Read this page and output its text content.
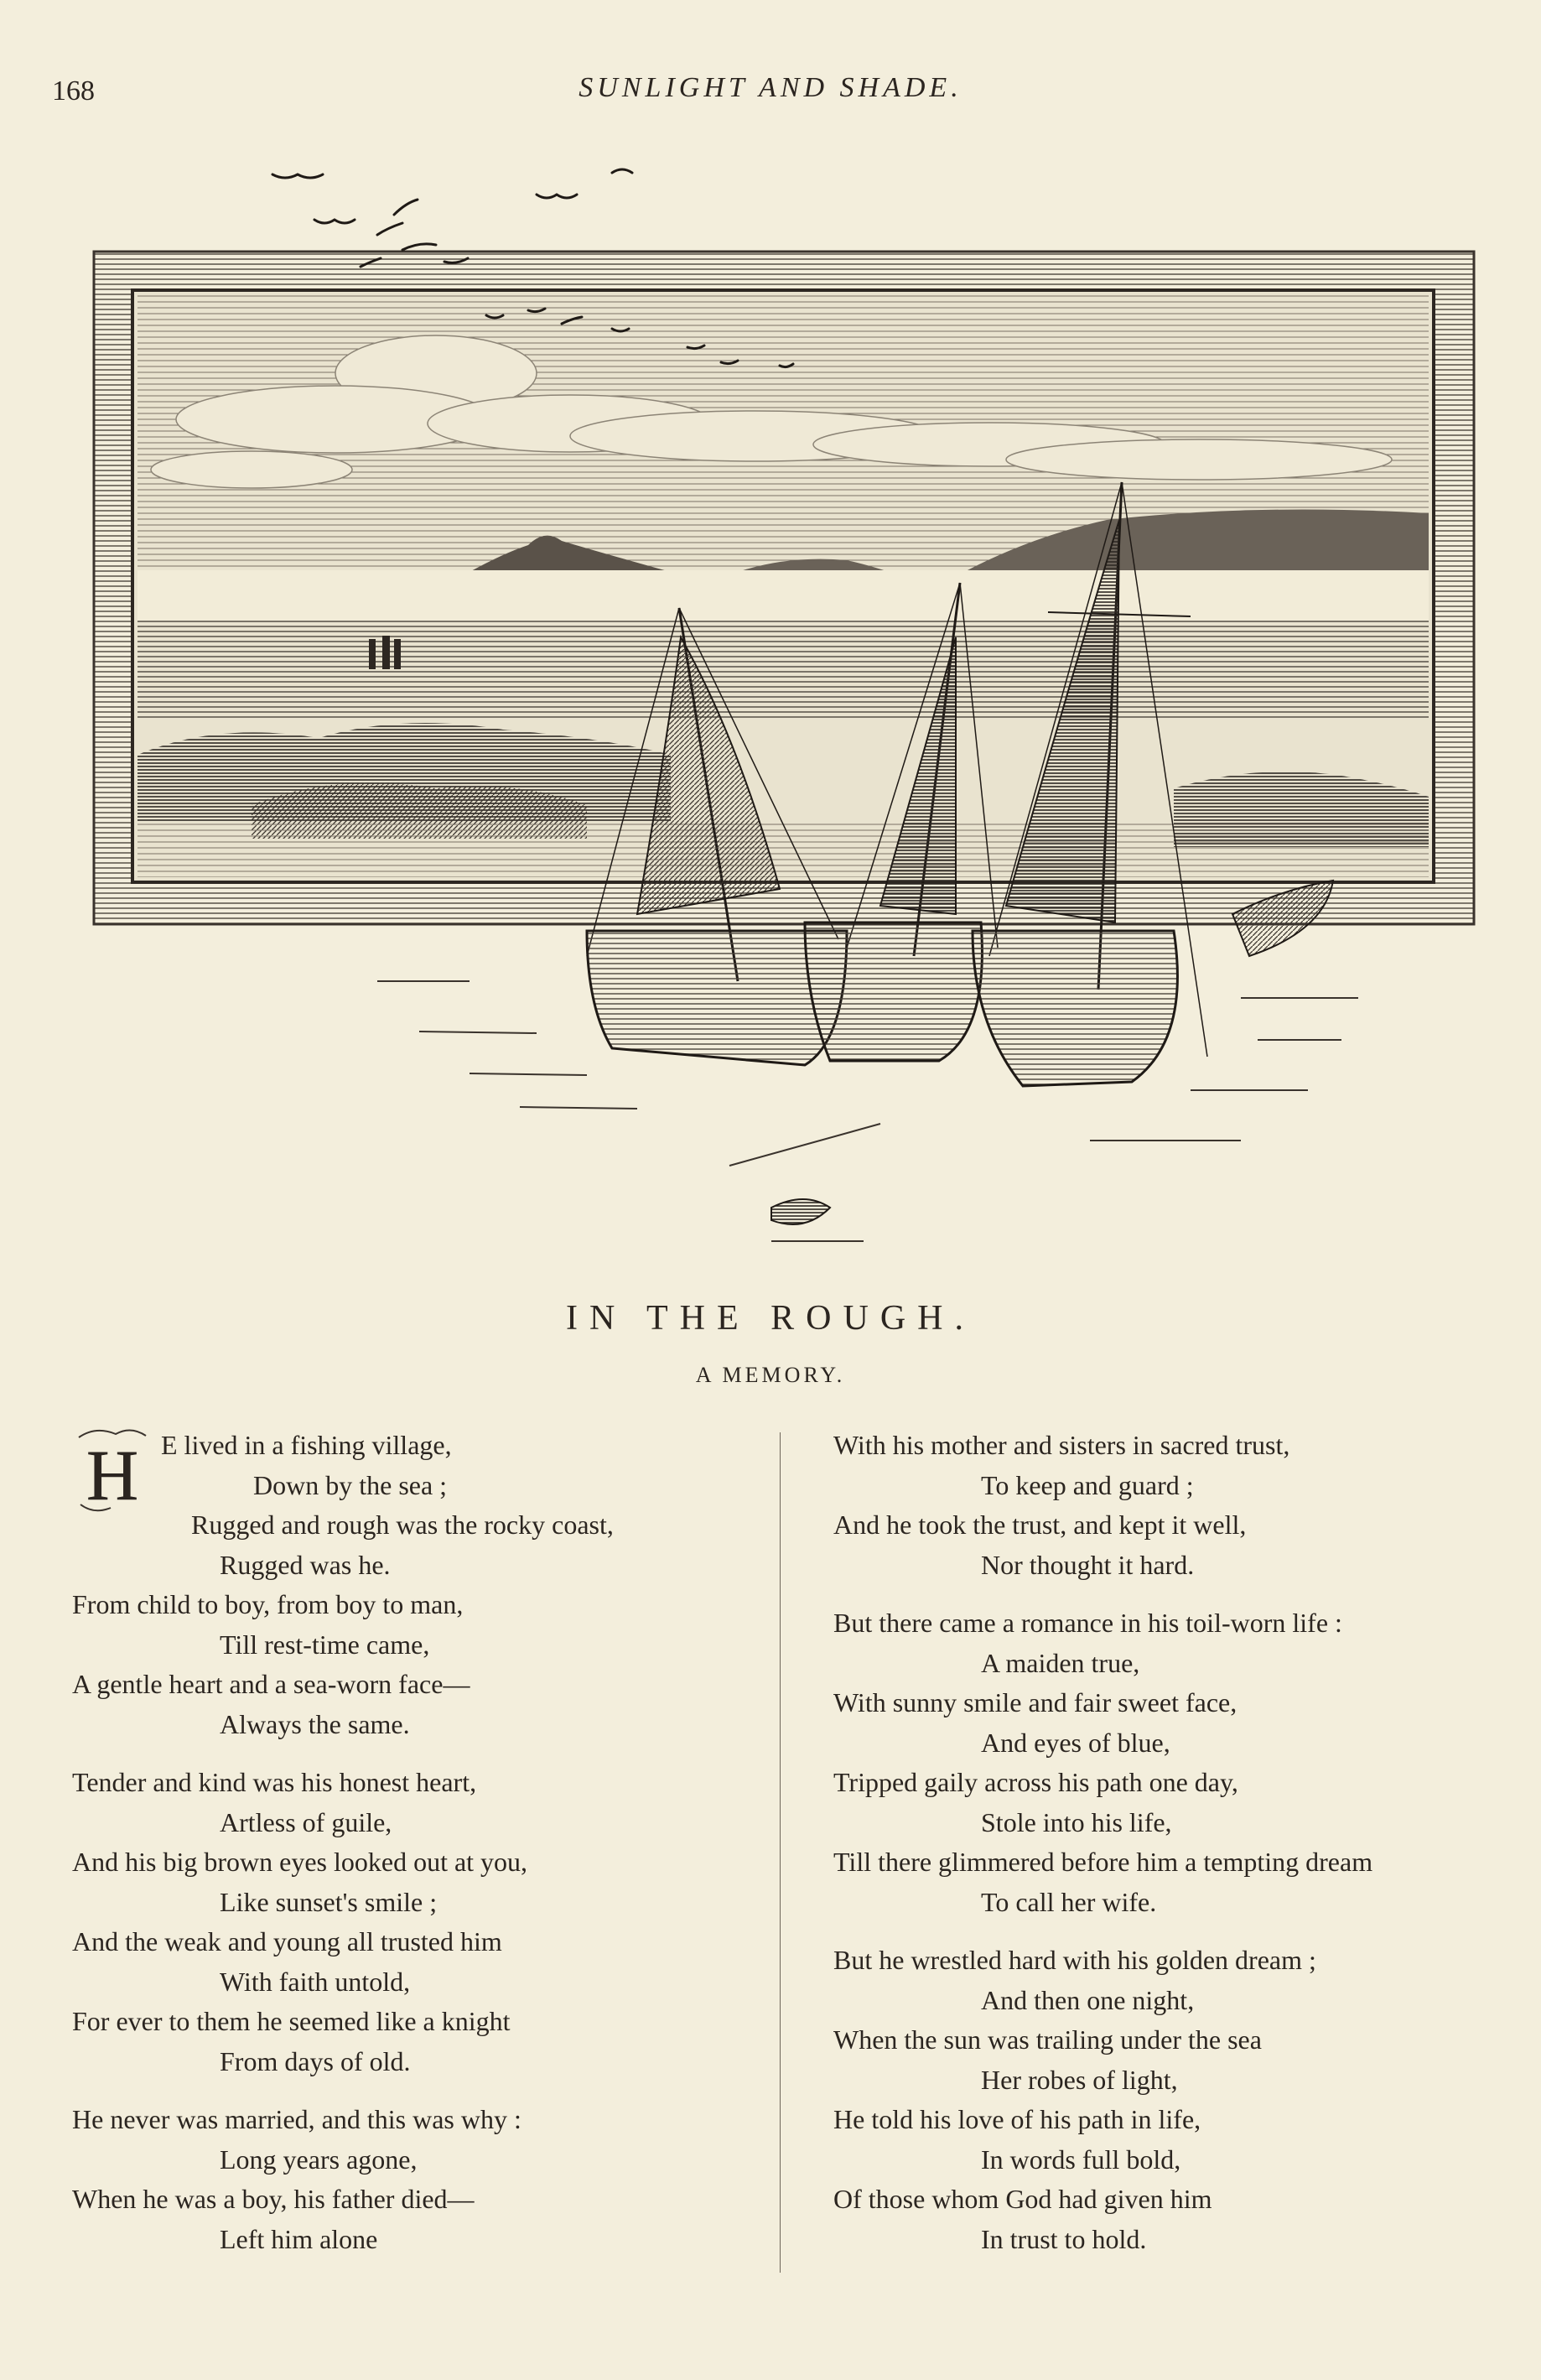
168	SUNLIGHT AND SHADE.
IN THE ROUGH.
A MEMORY.
H E lived in a fishing village,
Down by the sea ;
Rugged and rough was the rocky coast,
Rugged was he.
From child to boy, from boy to man,
Till rest-time came,
A gentle heart and a sea-worn face—
Always the same.
Tender and kind was his honest heart,
Artless of guile,
And his big brown eyes looked out at you,
Like sunset's smile ;
And the weak and young all trusted him
With faith untold,
For ever to them he seemed like a knight
From days of old.
He never was married, and this was why :
Long years agone,
When he was a boy, his father died—
Left him alone
With his mother and sisters in sacred trust,
To keep and guard ;
And he took the trust, and kept it well,
Nor thought it hard.
But there came a romance in his toil-worn life :
A maiden true,
With sunny smile and fair sweet face,
And eyes of blue,
Tripped gaily across his path one day,
Stole into his life,
Till there glimmered before him a tempting dream
To call her wife.
But he wrestled hard with his golden dream ;
And then one night,
When the sun was trailing under the sea
Her robes of light,
He told his love of his path in life,
In words full bold,
Of those whom God had given him
In trust to hold.
